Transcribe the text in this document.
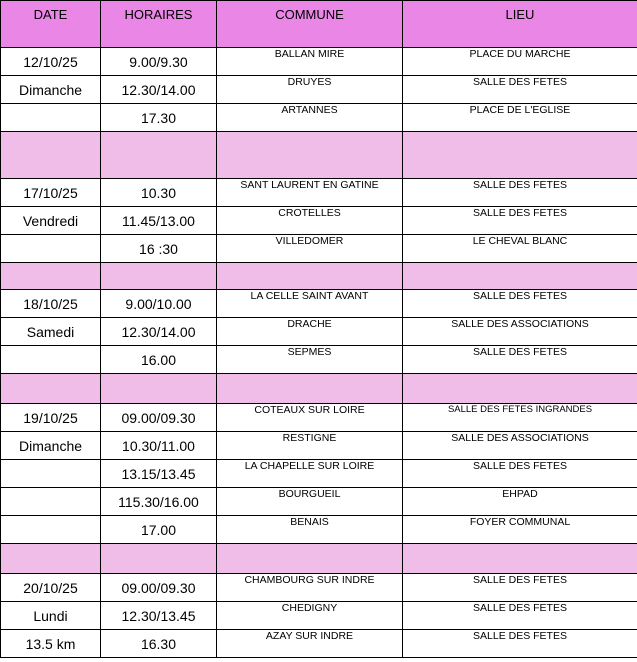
DATE	HORAIRES	COMMUNE	LIEU
12/10/25	9.00/9.30	BALLAN MIRE	PLACE DU MARCHE
Dimanche	12.30/14.00	DRUYES	SALLE DES FETES
	17.30	ARTANNES	PLACE DE L'EGLISE

17/10/25	10.30	SANT LAURENT EN GATINE	SALLE DES FETES
Vendredi	11.45/13.00	CROTELLES	SALLE DES FETES
	16 :30	VILLEDOMER	LE CHEVAL BLANC

18/10/25	9.00/10.00	LA CELLE SAINT AVANT	SALLE DES FETES
Samedi	12.30/14.00	DRACHE	SALLE DES ASSOCIATIONS
	16.00	SEPMES	SALLE DES FETES

19/10/25	09.00/09.30	COTEAUX SUR LOIRE	SALLE DES FETES INGRANDES
Dimanche	10.30/11.00	RESTIGNE	SALLE DES ASSOCIATIONS
	13.15/13.45	LA CHAPELLE SUR LOIRE	SALLE DES FETES
	115.30/16.00	BOURGUEIL	EHPAD
	17.00	BENAIS	FOYER COMMUNAL

20/10/25	09.00/09.30	CHAMBOURG SUR INDRE	SALLE DES FETES
Lundi	12.30/13.45	CHEDIGNY	SALLE DES FETES
13.5 km	16.30	AZAY SUR INDRE	SALLE DES FETES
